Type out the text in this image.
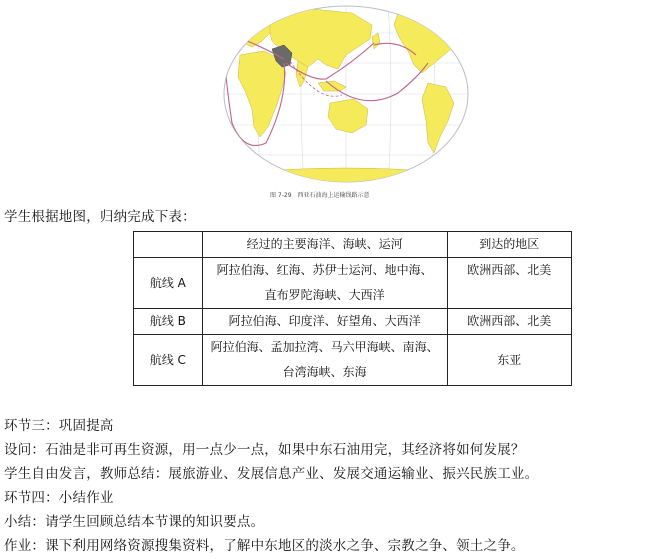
图 7-29　西亚石油海上运输线路示意
学生根据地图，归纳完成下表：
	经过的主要海洋、海峡、运河	到达的地区
航线 A	阿拉伯海、红海、苏伊士运河、地中海、
直布罗陀海峡、大西洋	欧洲西部、北美
航线 B	阿拉伯海、印度洋、好望角、大西洋	欧洲西部、北美
航线 C	阿拉伯海、孟加拉湾、马六甲海峡、南海、
台湾海峡、东海	东亚
环节三：巩固提高
设问：石油是非可再生资源，用一点少一点，如果中东石油用完，其经济将如何发展？
学生自由发言，教师总结：展旅游业、发展信息产业、发展交通运输业、振兴民族工业。
环节四：小结作业
小结：请学生回顾总结本节课的知识要点。
作业：课下利用网络资源搜集资料，了解中东地区的淡水之争、宗教之争、领土之争。
